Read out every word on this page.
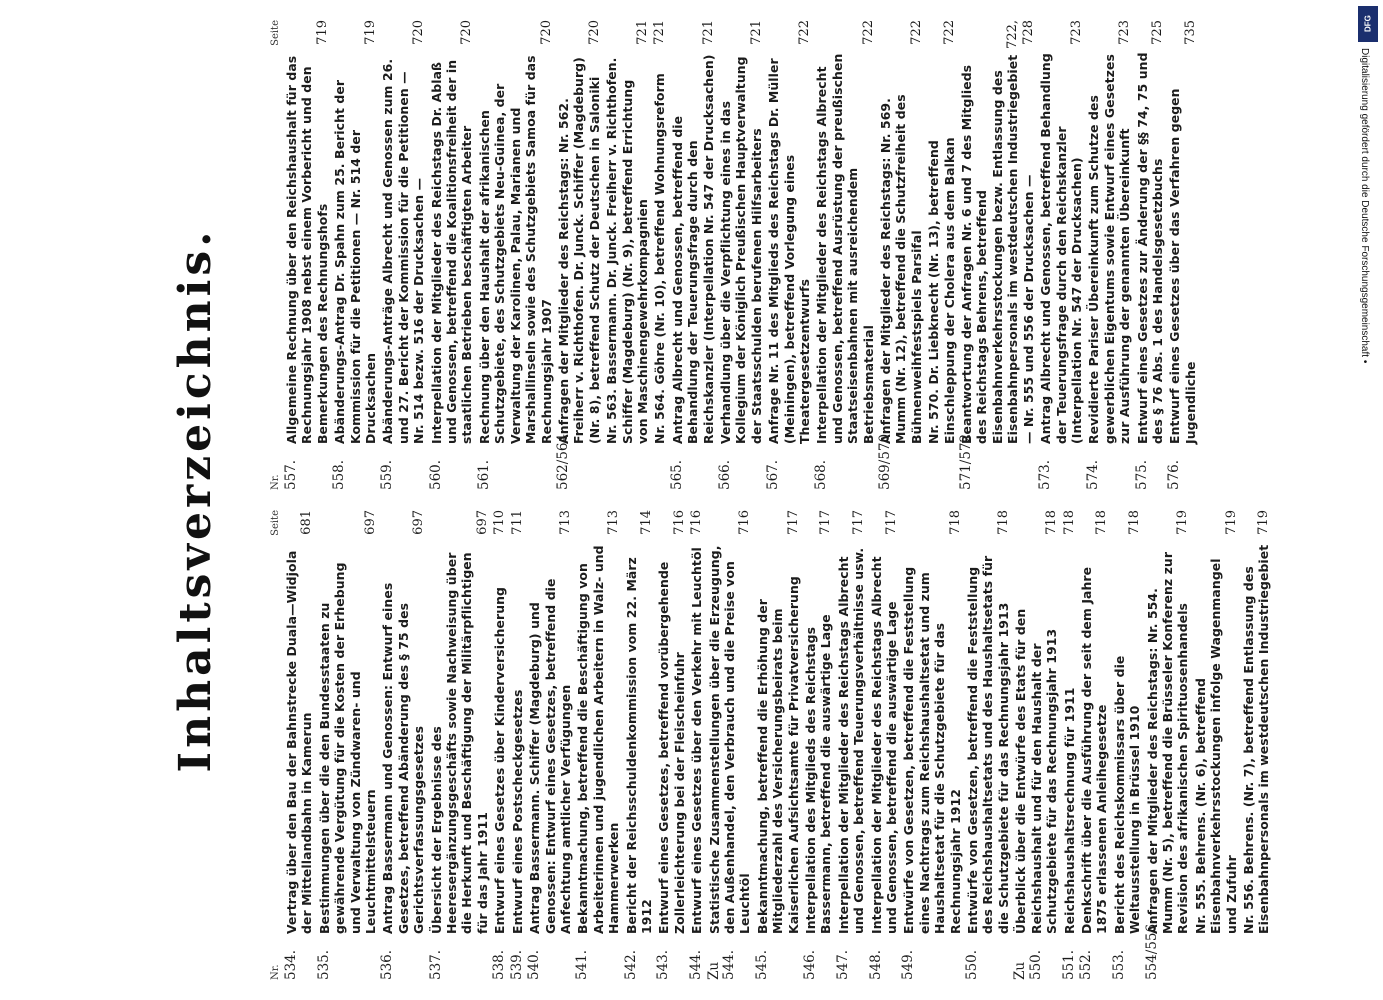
Inhaltsverzeichnis.
Nr.
Seite
534.
Vertrag über den Bau der Bahnstrecke Duala—Widjola der Mittellandbahn in Kamerun
681
535.
Bestimmungen über die den Bundesstaaten zu gewährende Vergütung für die Kosten der Erhebung und Verwaltung von Zündwaren- und Leuchtmittelsteuern
697
536.
Antrag Bassermann und Genossen: Entwurf eines Gesetzes, betreffend Abänderung des § 75 des Gerichtsverfassungsgesetzes
697
537.
Übersicht der Ergebnisse des Heeresergänzungsgeschäfts sowie Nachweisung über die Herkunft und Beschäftigung der Militärpflichtigen für das Jahr 1911
697
538.
Entwurf eines Gesetzes über Kinderversicherung
710
539.
Entwurf eines Postscheckgesetzes
711
540.
Antrag Bassermann. Schiffer (Magdeburg) und Genossen: Entwurf eines Gesetzes, betreffend die Anfechtung amtlicher Verfügungen
713
541.
Bekanntmachung, betreffend die Beschäftigung von Arbeiterinnen und jugendlichen Arbeitern in Walz- und Hammerwerken
713
542.
Bericht der Reichsschuldenkommission vom 22. März 1912
714
543.
Entwurf eines Gesetzes, betreffend vorübergehende Zollerleichterung bei der Fleischeinfuhr
716
544.
Entwurf eines Gesetzes über den Verkehr mit Leuchtöl
716
Zu 544.
Statistische Zusammenstellungen über die Erzeugung, den Außenhandel, den Verbrauch und die Preise von Leuchtöl
716
545.
Bekanntmachung, betreffend die Erhöhung der Mitgliederzahl des Versicherungsbeirats beim Kaiserlichen Aufsichtsamte für Privatversicherung
717
546.
Interpellation des Mitglieds des Reichstags Bassermann, betreffend die auswärtige Lage
717
547.
Interpellation der Mitglieder des Reichstags Albrecht und Genossen, betreffend Teuerungsverhältnisse usw.
717
548.
Interpellation der Mitglieder des Reichstags Albrecht und Genossen, betreffend die auswärtige Lage
717
549.
Entwürfe von Gesetzen, betreffend die Feststellung eines Nachtrags zum Reichshaushaltsetat und zum Haushaltsetat für die Schutzgebiete für das Rechnungsjahr 1912
718
550.
Entwürfe von Gesetzen, betreffend die Feststellung des Reichshaushaltsetats und des Haushaltsetats für die Schutzgebiete für das Rechnungsjahr 1913
718
Zu 550.
Überblick über die Entwürfe des Etats für den Reichshaushalt und für den Haushalt der Schutzgebiete für das Rechnungsjahr 1913
718
551.
Reichshaushaltsrechnung für 1911
718
552.
Denkschrift über die Ausführung der seit dem Jahre 1875 erlassenen Anleihegesetze
718
553.
Bericht des Reichskommissars über die Weltausstellung in Brüssel 1910
718
554/556.
Anfragen der Mitglieder des Reichstags: Nr. 554. Mumm (Nr. 5), betreffend die Brüsseler Konferenz zur Revision des afrikanischen Spirituosenhandels
719
Nr. 555. Behrens. (Nr. 6), betreffend Eisenbahnverkehrsstockungen infolge Wagenmangel und Zufuhr
719
Nr. 556. Behrens. (Nr. 7), betreffend Entlassung des Eisenbahnpersonals im westdeutschen Industriegebiet
719
Nr.
Seite
557.
Allgemeine Rechnung über den Reichshaushalt für das Rechnungsjahr 1908 nebst einem Vorbericht und den Bemerkungen des Rechnungshofs
719
558.
Abänderungs-Antrag Dr. Spahn zum 25. Bericht der Kommission für die Petitionen — Nr. 514 der Drucksachen
719
559.
Abänderungs-Anträge Albrecht und Genossen zum 26. und 27. Bericht der Kommission für die Petitionen — Nr. 514 bezw. 516 der Drucksachen —
720
560.
Interpellation der Mitglieder des Reichstags Dr. Ablaß und Genossen, betreffend die Koalitionsfreiheit der in staatlichen Betrieben beschäftigten Arbeiter
720
561.
Rechnung über den Haushalt der afrikanischen Schutzgebiete, des Schutzgebiets Neu-Guinea, der Verwaltung der Karolinen, Palau, Marianen und Marshallinseln sowie des Schutzgebiets Samoa für das Rechnungsjahr 1907
720
562/564.
Anfragen der Mitglieder des Reichstags: Nr. 562. Freiherr v. Richthofen. Dr. Junck. Schiffer (Magdeburg) (Nr. 8), betreffend Schutz der Deutschen in Saloniki
720
Nr. 563. Bassermann. Dr. Junck. Freiherr v. Richthofen. Schiffer (Magdeburg) (Nr. 9), betreffend Errichtung von Maschinengewehrkompagnien
721
Nr. 564. Göhre (Nr. 10), betreffend Wohnungsreform
721
565.
Antrag Albrecht und Genossen, betreffend die Behandlung der Teuerungsfrage durch den Reichskanzler (Interpellation Nr. 547 der Drucksachen)
721
566.
Verhandlung über die Verpflichtung eines in das Kollegium der Königlich Preußischen Hauptverwaltung der Staatsschulden berufenen Hilfsarbeiters
721
567.
Anfrage Nr. 11 des Mitglieds des Reichstags Dr. Müller (Meiningen), betreffend Vorlegung eines Theatergesetzentwurfs
722
568.
Interpellation der Mitglieder des Reichstags Albrecht und Genossen, betreffend Ausrüstung der preußischen Staatseisenbahnen mit ausreichendem Betriebsmaterial
722
569/570.
Anfragen der Mitglieder des Reichstags: Nr. 569. Mumm (Nr. 12), betreffend die Schutzfreiheit des Bühnenweihfestspiels Parsifal
722
Nr. 570. Dr. Liebknecht (Nr. 13), betreffend Einschleppung der Cholera aus dem Balkan
722
571/572.
Beantwortung der Anfragen Nr. 6 und 7 des Mitglieds des Reichstags Behrens, betreffend Eisenbahnverkehrsstockungen bezw. Entlassung des Eisenbahnpersonals im westdeutschen Industriegebiet — Nr. 555 und 556 der Drucksachen —
722, 728
573.
Antrag Albrecht und Genossen, betreffend Behandlung der Teuerungsfrage durch den Reichskanzler (Interpellation Nr. 547 der Drucksachen)
723
574.
Revidierte Pariser Übereinkunft zum Schutze des gewerblichen Eigentums sowie Entwurf eines Gesetzes zur Ausführung der genannten Übereinkunft
723
575.
Entwurf eines Gesetzes zur Änderung der §§ 74, 75 und des § 76 Abs. 1 des Handelsgesetzbuchs
725
576.
Entwurf eines Gesetzes über das Verfahren gegen Jugendliche
735	DFG
Digitalisierung gefördert durch die Deutsche Forschungsgemeinschaft •
